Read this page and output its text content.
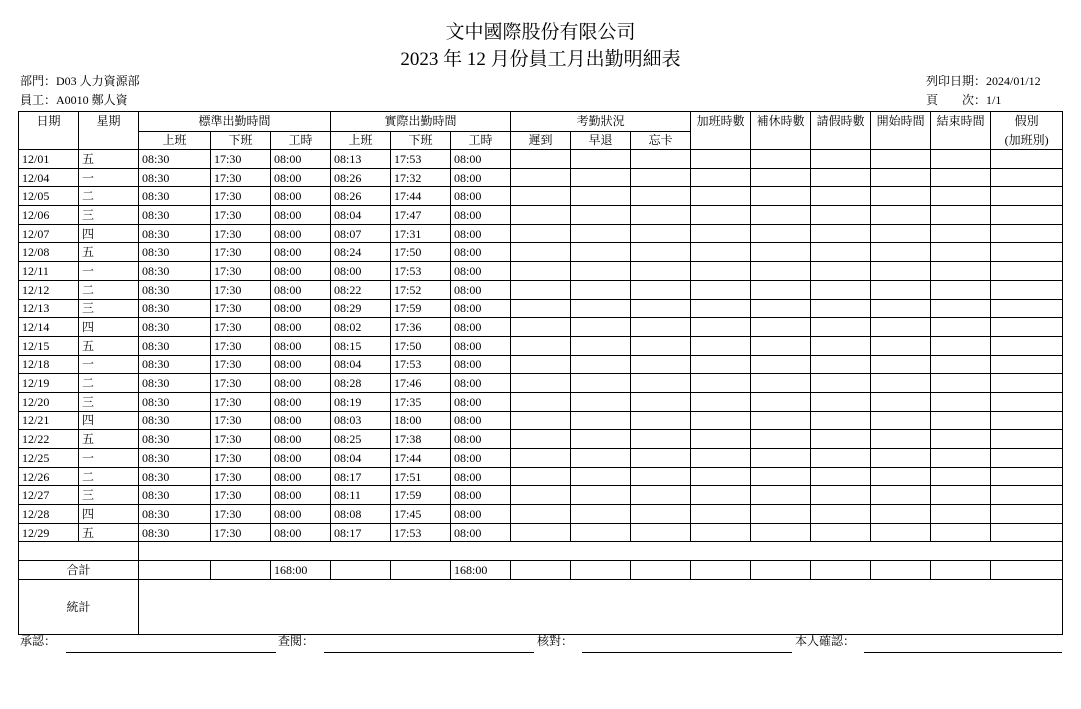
文中國際股份有限公司
2023 年 12 月份員工月出勤明細表
部門：D03 人力資源部
員工：A0010 鄭人資
列印日期：2024/01/12
頁　　次：1/1
日期	星期	標準出勤時間			實際出勤時間			考勤狀況			加班時數	補休時數	請假時數	開始時間	結束時間	假別
(加班別)

		上班	下班	工時	上班	下班	工時	遲到	早退	忘卡						
12/01	五	08:30	17:30	08:00	08:13	17:53	08:00									
12/04	一	08:30	17:30	08:00	08:26	17:32	08:00									
12/05	二	08:30	17:30	08:00	08:26	17:44	08:00									
12/06	三	08:30	17:30	08:00	08:04	17:47	08:00									
12/07	四	08:30	17:30	08:00	08:07	17:31	08:00									
12/08	五	08:30	17:30	08:00	08:24	17:50	08:00									
12/11	一	08:30	17:30	08:00	08:00	17:53	08:00									
12/12	二	08:30	17:30	08:00	08:22	17:52	08:00									
12/13	三	08:30	17:30	08:00	08:29	17:59	08:00									
12/14	四	08:30	17:30	08:00	08:02	17:36	08:00									
12/15	五	08:30	17:30	08:00	08:15	17:50	08:00									
12/18	一	08:30	17:30	08:00	08:04	17:53	08:00									
12/19	二	08:30	17:30	08:00	08:28	17:46	08:00									
12/20	三	08:30	17:30	08:00	08:19	17:35	08:00									
12/21	四	08:30	17:30	08:00	08:03	18:00	08:00									
12/22	五	08:30	17:30	08:00	08:25	17:38	08:00									
12/25	一	08:30	17:30	08:00	08:04	17:44	08:00									
12/26	二	08:30	17:30	08:00	08:17	17:51	08:00									
12/27	三	08:30	17:30	08:00	08:11	17:59	08:00									
12/28	四	08:30	17:30	08:00	08:08	17:45	08:00									
12/29	五	08:30	17:30	08:00	08:17	17:53	08:00									

合計				168:00			168:00									
統計																
承認：	查閱：	核對：	本人確認：
